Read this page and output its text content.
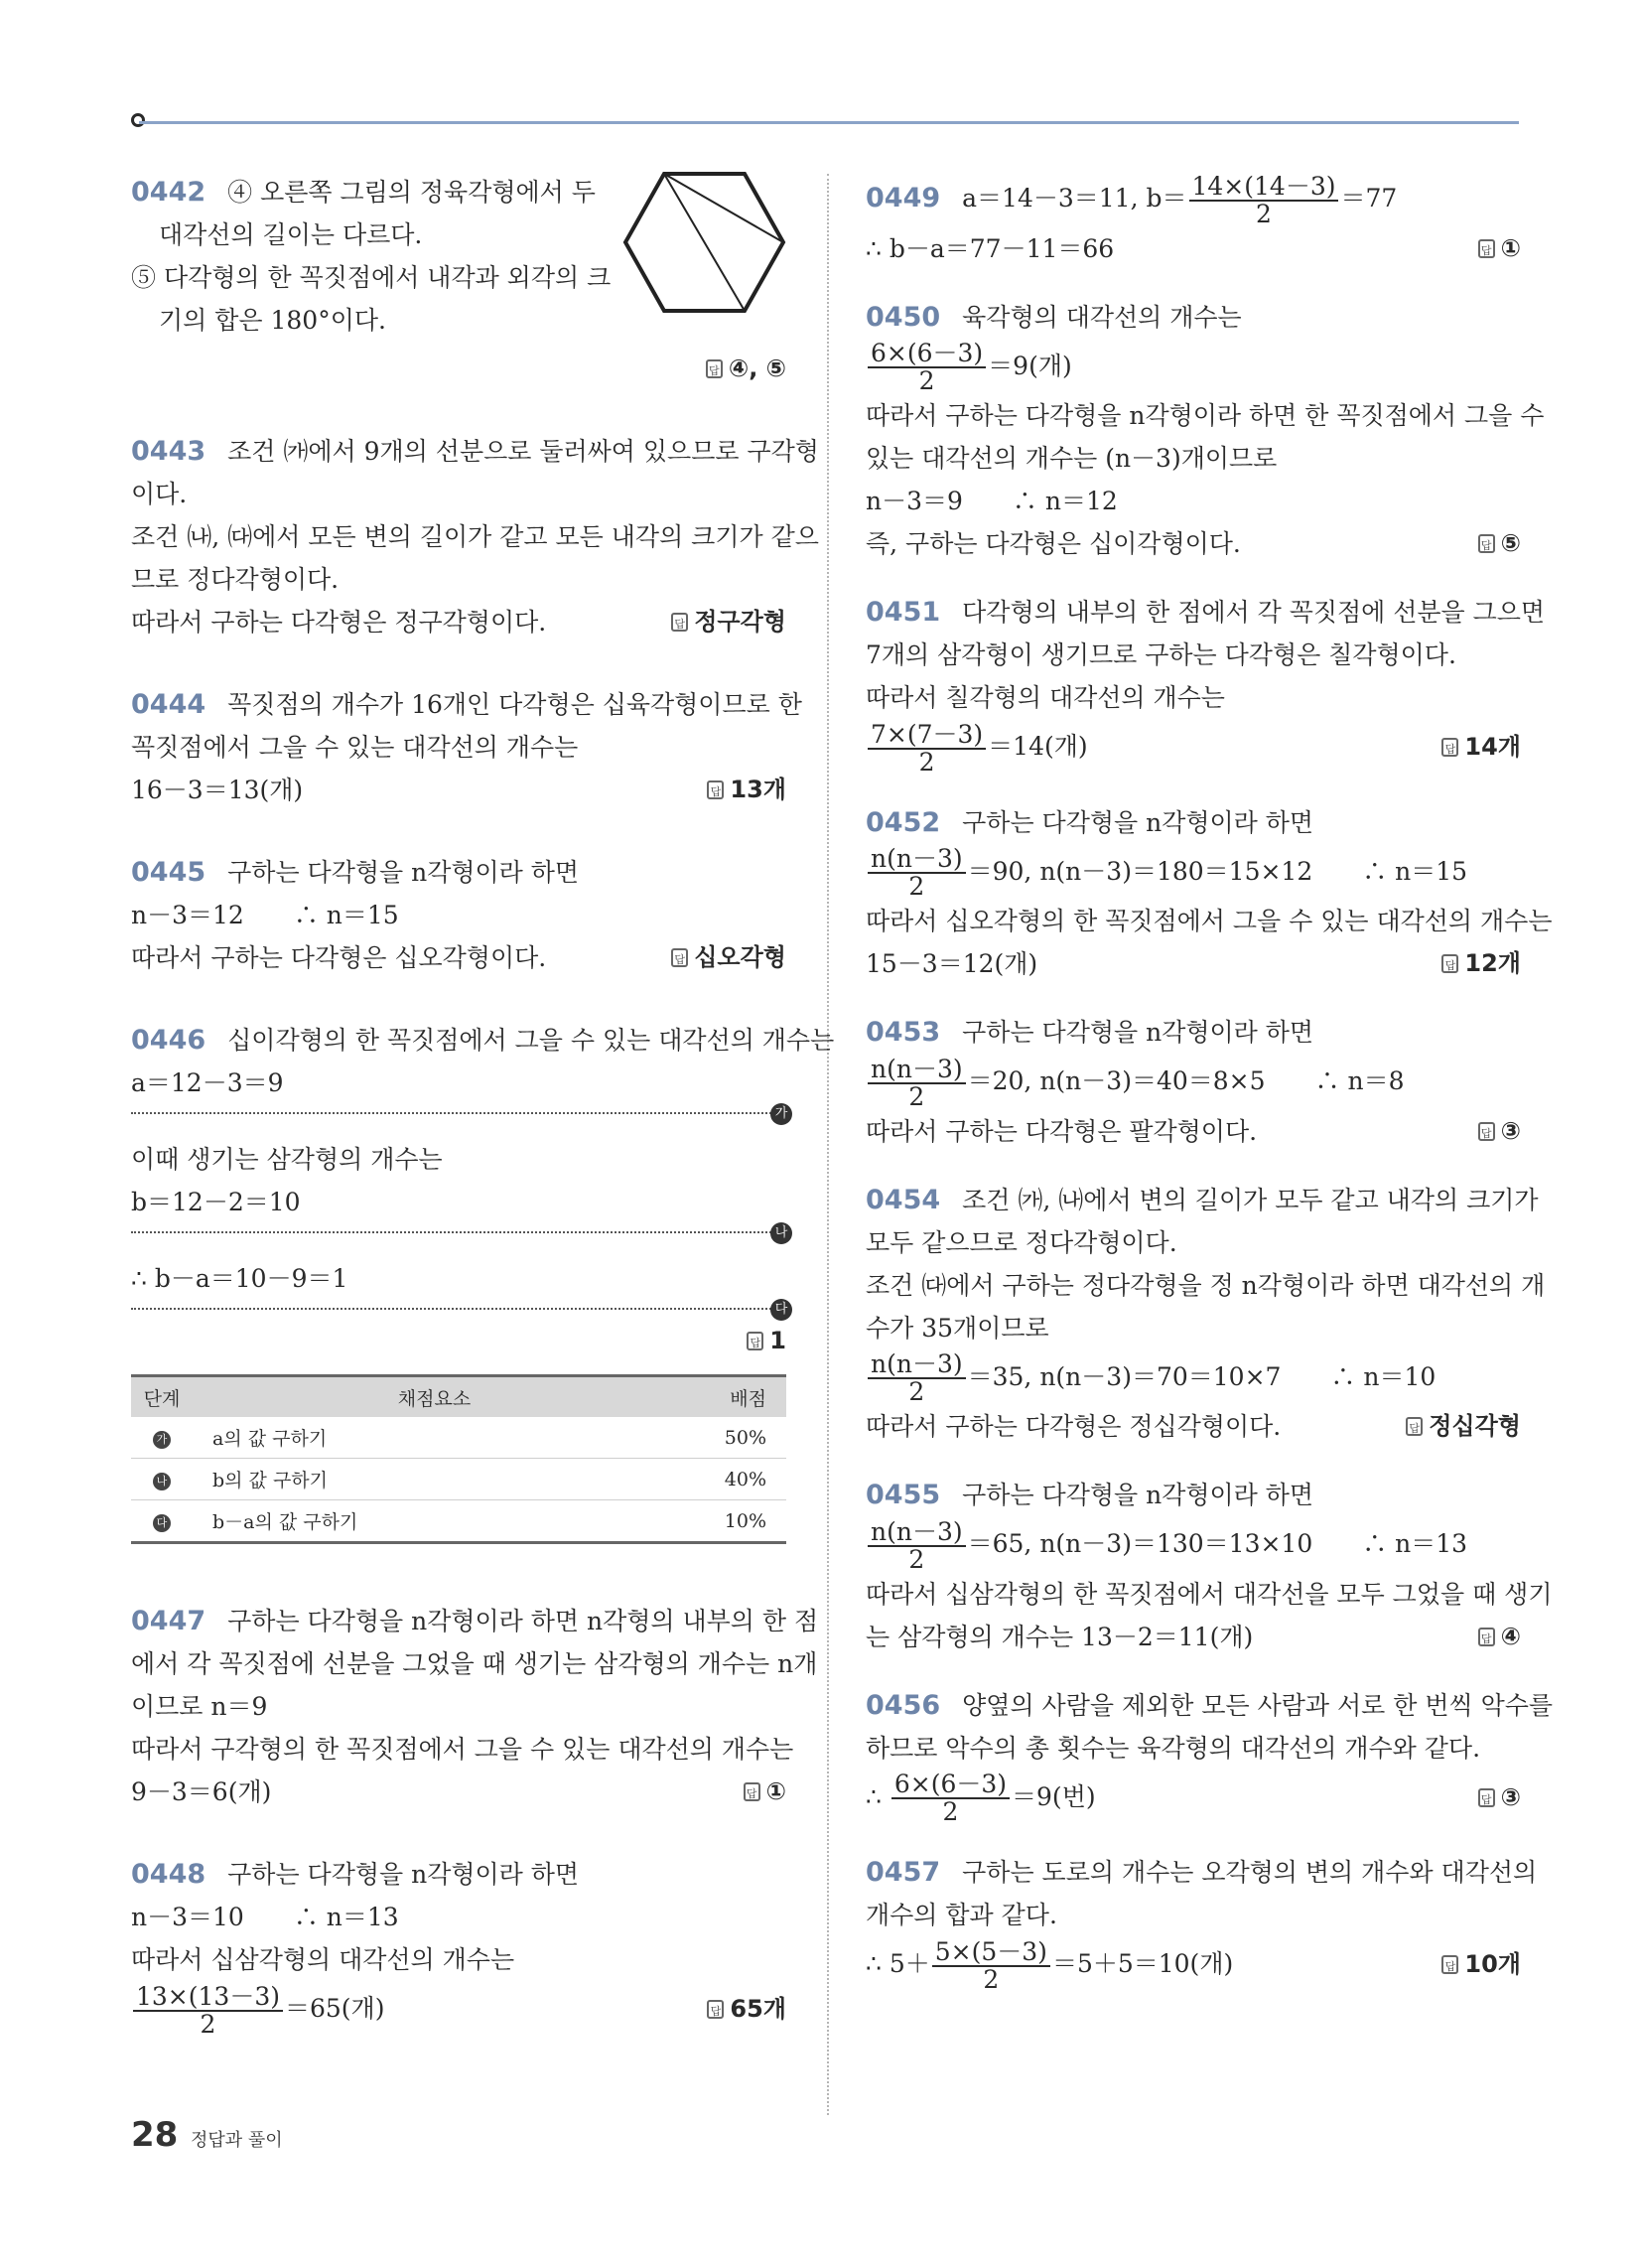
0442 ④ 오른쪽 그림의 정육각형에서 두
대각선의 길이는 다르다.
⑤ 다각형의 한 꼭짓점에서 내각과 외각의 크
기의 합은 180°이다.
답 ④, ⑤
0443 조건 ㈎에서 9개의 선분으로 둘러싸여 있으므로 구각형
이다.
조건 ㈏, ㈐에서 모든 변의 길이가 같고 모든 내각의 크기가 같으
므로 정다각형이다.
따라서 구하는 다각형은 정구각형이다.	답 정구각형
0444 꼭짓점의 개수가 16개인 다각형은 십육각형이므로 한
꼭짓점에서 그을 수 있는 대각선의 개수는
16－3＝13(개)	답 13개
0445 구하는 다각형을 n각형이라 하면
n－3＝12　　∴ n＝15
따라서 구하는 다각형은 십오각형이다.	답 십오각형
0446 십이각형의 한 꼭짓점에서 그을 수 있는 대각선의 개수는
a＝12－3＝9
가
이때 생기는 삼각형의 개수는
b＝12－2＝10
나
∴ b－a＝10－9＝1
다
답 1
단계	채점요소	배점
가	a의 값 구하기	50%
나	b의 값 구하기	40%
다	b－a의 값 구하기	10%
0447 구하는 다각형을 n각형이라 하면 n각형의 내부의 한 점
에서 각 꼭짓점에 선분을 그었을 때 생기는 삼각형의 개수는 n개
이므로 n＝9
따라서 구각형의 한 꼭짓점에서 그을 수 있는 대각선의 개수는
9－3＝6(개)	답 ①
0448 구하는 다각형을 n각형이라 하면
n－3＝10　　∴ n＝13
따라서 십삼각형의 대각선의 개수는
$\frac{13\times(13-3)}{2} =65$(개)	답 65개
0449 a＝14－3＝11, $b= \frac{14\times(14-3)}{2} =77$
∴ b－a＝77－11＝66	답 ①
0450 육각형의 대각선의 개수는
$\frac{6\times(6-3)}{2} =9$(개)
따라서 구하는 다각형을 n각형이라 하면 한 꼭짓점에서 그을 수
있는 대각선의 개수는 (n－3)개이므로
n－3＝9　　∴ n＝12
즉, 구하는 다각형은 십이각형이다.	답 ⑤
0451 다각형의 내부의 한 점에서 각 꼭짓점에 선분을 그으면
7개의 삼각형이 생기므로 구하는 다각형은 칠각형이다.
따라서 칠각형의 대각선의 개수는
$\frac{7\times(7-3)}{2} =14$(개)	답 14개
0452 구하는 다각형을 n각형이라 하면
$\frac{n(n-3)}{2} =90$, n(n－3)＝180＝15×12　　∴ n＝15
따라서 십오각형의 한 꼭짓점에서 그을 수 있는 대각선의 개수는
15－3＝12(개)	답 12개
0453 구하는 다각형을 n각형이라 하면
$\frac{n(n-3)}{2} =20$, n(n－3)＝40＝8×5　　∴ n＝8
따라서 구하는 다각형은 팔각형이다.	답 ③
0454 조건 ㈎, ㈏에서 변의 길이가 모두 같고 내각의 크기가
모두 같으므로 정다각형이다.
조건 ㈐에서 구하는 정다각형을 정 n각형이라 하면 대각선의 개
수가 35개이므로
$\frac{n(n-3)}{2} =35$, n(n－3)＝70＝10×7　　∴ n＝10
따라서 구하는 다각형은 정십각형이다.	답 정십각형
0455 구하는 다각형을 n각형이라 하면
$\frac{n(n-3)}{2} =65$, n(n－3)＝130＝13×10　　∴ n＝13
따라서 십삼각형의 한 꼭짓점에서 대각선을 모두 그었을 때 생기
는 삼각형의 개수는 13－2＝11(개)	답 ④
0456 양옆의 사람을 제외한 모든 사람과 서로 한 번씩 악수를
하므로 악수의 총 횟수는 육각형의 대각선의 개수와 같다.
∴ $\frac{6\times(6-3)}{2} =9$(번)	답 ③
0457 구하는 도로의 개수는 오각형의 변의 개수와 대각선의
개수의 합과 같다.
∴ $5+ \frac{5\times(5-3)}{2} =5+5=10$(개)	답 10개
28 정답과 풀이
